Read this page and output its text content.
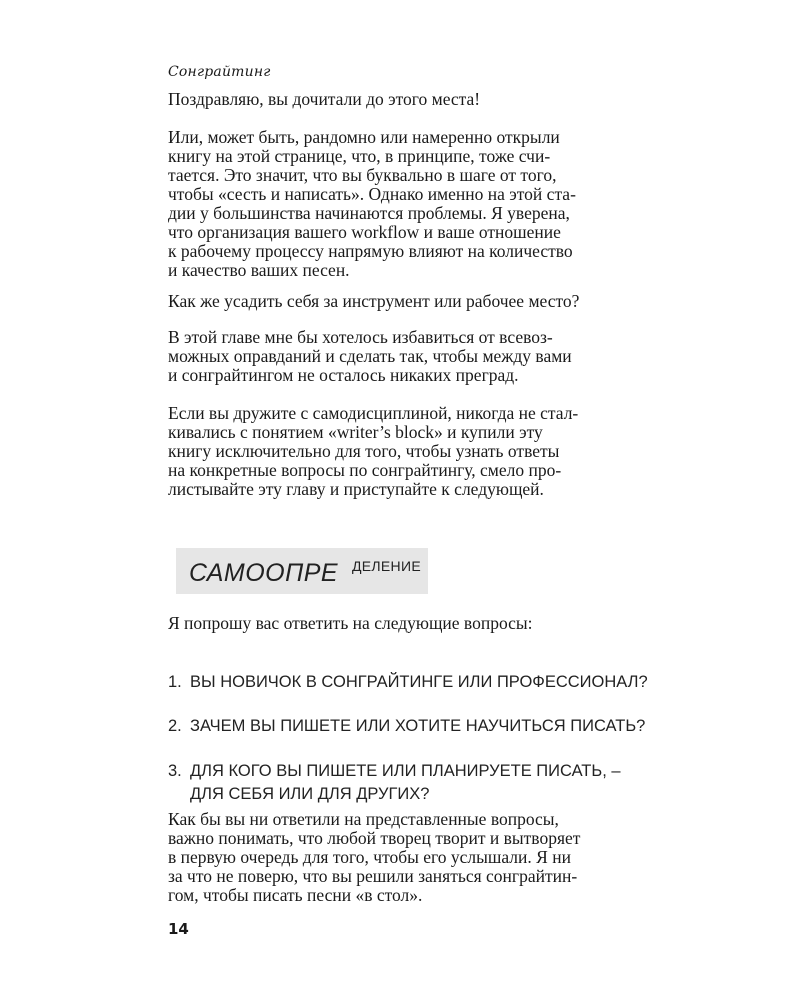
Сонграйтинг

Поздравляю, вы дочитали до этого места!

Или, может быть, рандомно или намеренно открыли
книгу на этой странице, что, в принципе, тоже счи-
тается. Это значит, что вы буквально в шаге от того,
чтобы «сесть и написать». Однако именно на этой ста-
дии у большинства начинаются проблемы. Я уверена,
что организация вашего workflow и ваше отношение
к рабочему процессу напрямую влияют на количество
и качество ваших песен.

Как же усадить себя за инструмент или рабочее место?

В этой главе мне бы хотелось избавиться от всевоз-
можных оправданий и сделать так, чтобы между вами
и сонграйтингом не осталось никаких преград.

Если вы дружите с самодисциплиной, никогда не стал-
кивались с понятием «writer’s block» и купили эту
книгу исключительно для того, чтобы узнать ответы
на конкретные вопросы по сонграйтингу, смело про-
листывайте эту главу и приступайте к следующей.

САМООПРЕ ДЕЛЕНИЕ

Я попрошу вас ответить на следующие вопросы:

1. ВЫ НОВИЧОК В СОНГРАЙТИНГЕ ИЛИ ПРОФЕССИОНАЛ?

2. ЗАЧЕМ ВЫ ПИШЕТЕ ИЛИ ХОТИТЕ НАУЧИТЬСЯ ПИСАТЬ?

3. ДЛЯ КОГО ВЫ ПИШЕТЕ ИЛИ ПЛАНИРУЕТЕ ПИСАТЬ, –

ДЛЯ СЕБЯ ИЛИ ДЛЯ ДРУГИХ?

Как бы вы ни ответили на представленные вопросы,
важно понимать, что любой творец творит и вытворяет
в первую очередь для того, чтобы его услышали. Я ни
за что не поверю, что вы решили заняться сонграйтин-
гом, чтобы писать песни «в стол».

14
